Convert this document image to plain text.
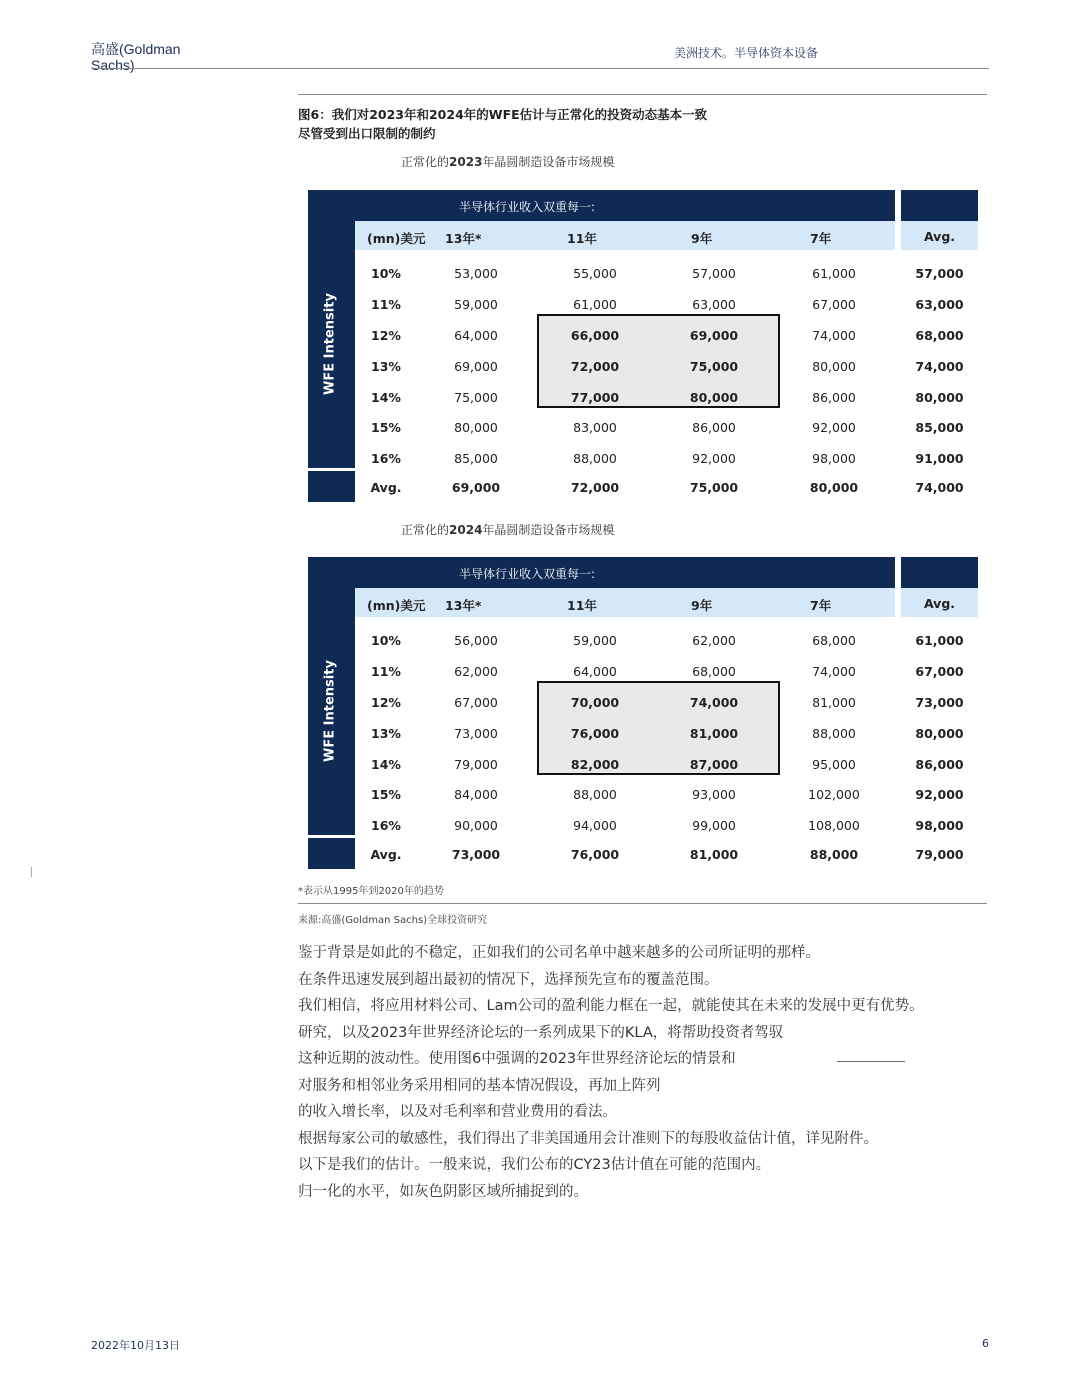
高盛(Goldman Sachs)
美洲技术。半导体资本设备
图6：我们对2023年和2024年的WFE估计与正常化的投资动态基本一致
尽管受到出口限制的制约
正常化的2023年晶圆制造设备市场规模
半导体行业收入双重每一:
WFE Intensity
(mn)美元	13年*	11年	9年	7年	Avg.
10%	53,000	55,000	57,000	61,000	57,000
11%	59,000	61,000	63,000	67,000	63,000
12%	64,000	66,000	69,000	74,000	68,000
13%	69,000	72,000	75,000	80,000	74,000
14%	75,000	77,000	80,000	86,000	80,000
15%	80,000	83,000	86,000	92,000	85,000
16%	85,000	88,000	92,000	98,000	91,000
Avg.	69,000	72,000	75,000	80,000	74,000
正常化的2024年晶圆制造设备市场规模
半导体行业收入双重每一:
WFE Intensity
(mn)美元	13年*	11年	9年	7年	Avg.
10%	56,000	59,000	62,000	68,000	61,000
11%	62,000	64,000	68,000	74,000	67,000
12%	67,000	70,000	74,000	81,000	73,000
13%	73,000	76,000	81,000	88,000	80,000
14%	79,000	82,000	87,000	95,000	86,000
15%	84,000	88,000	93,000	102,000	92,000
16%	90,000	94,000	99,000	108,000	98,000
Avg.	73,000	76,000	81,000	88,000	79,000
*表示从1995年到2020年的趋势
来源:高盛(Goldman Sachs)全球投资研究

鉴于背景是如此的不稳定，正如我们的公司名单中越来越多的公司所证明的那样。

在条件迅速发展到超出最初的情况下，选择预先宣布的覆盖范围。

我们相信，将应用材料公司、Lam公司的盈利能力框在一起，就能使其在未来的发展中更有优势。

研究，以及2023年世界经济论坛的一系列成果下的KLA，将帮助投资者驾驭

这种近期的波动性。使用图6中强调的2023年世界经济论坛的情景和

对服务和相邻业务采用相同的基本情况假设，再加上阵列

的收入增长率，以及对毛利率和营业费用的看法。

根据每家公司的敏感性，我们得出了非美国通用会计准则下的每股收益估计值，详见附件。

以下是我们的估计。一般来说，我们公布的CY23估计值在可能的范围内。

归一化的水平，如灰色阴影区域所捕捉到的。

2022年10月13日	6
